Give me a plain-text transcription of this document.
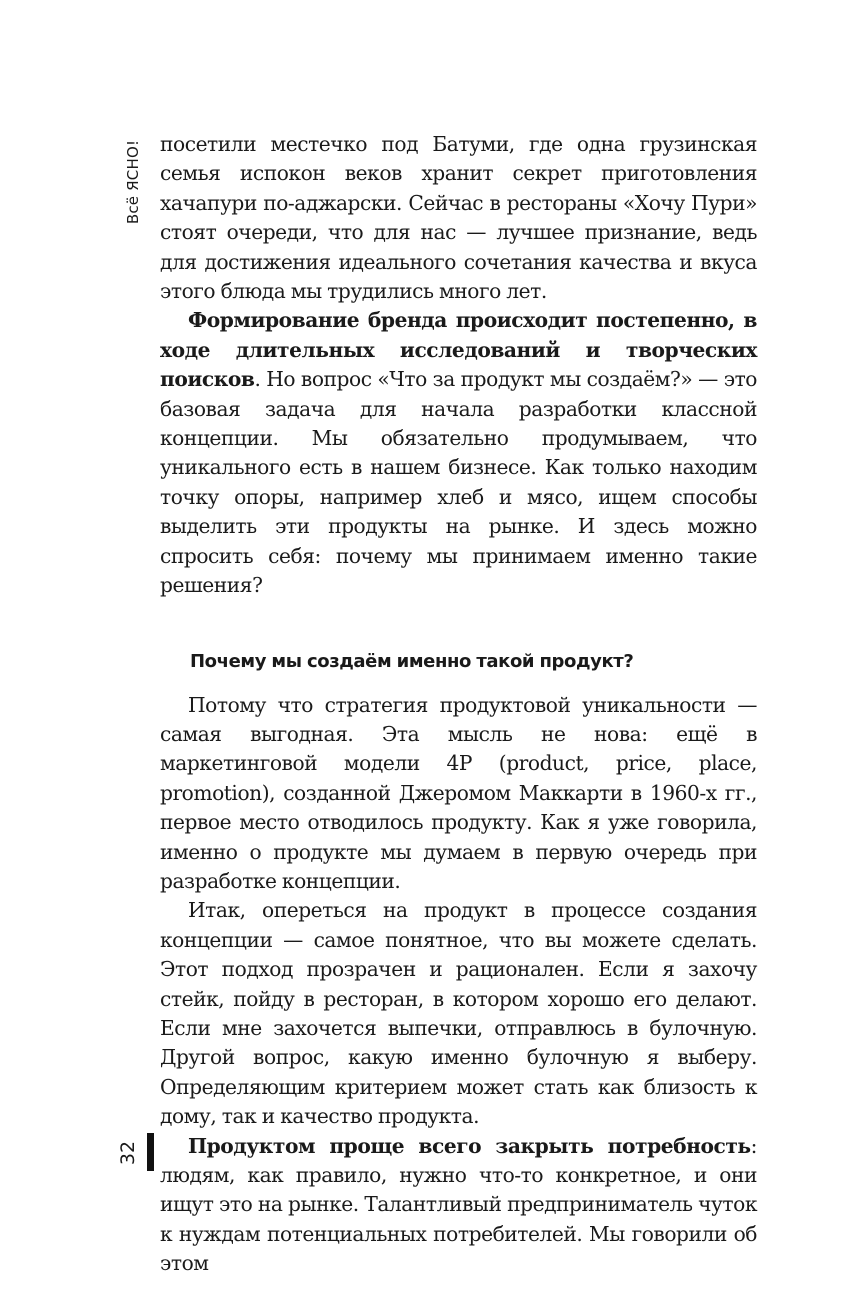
Всё ЯСНО!
32

посетили местечко под Батуми, где одна грузинская семья испокон веков хранит секрет приготовления хачапури по-аджарски. Сейчас в рестораны «Хочу Пури» стоят очереди, что для нас — лучшее признание, ведь для достижения идеального сочетания качества и вкуса этого блюда мы трудились много лет.

Формирование бренда происходит постепенно, в ходе длительных исследований и творческих поисков. Но вопрос «Что за продукт мы создаём?» — это базовая задача для начала разработки классной концепции. Мы обязательно продумываем, что уникального есть в нашем бизнесе. Как только находим точку опоры, например хлеб и мясо, ищем способы выделить эти продукты на рынке. И здесь можно спросить себя: почему мы принимаем именно такие решения?

Почему мы создаём именно такой продукт?

Потому что стратегия продуктовой уникальности — самая выгодная. Эта мысль не нова: ещё в маркетинговой модели 4P (product, price, place, promotion), созданной Джеромом Маккарти в 1960-х гг., первое место отводилось продукту. Как я уже говорила, именно о продукте мы думаем в первую очередь при разработке концепции.

Итак, опереться на продукт в процессе создания концепции — самое понятное, что вы можете сделать. Этот подход прозрачен и рационален. Если я захочу стейк, пойду в ресторан, в котором хорошо его делают. Если мне захочется выпечки, отправлюсь в булочную. Другой вопрос, какую именно булочную я выберу. Определяющим критерием может стать как близость к дому, так и качество продукта.

Продуктом проще всего закрыть потребность: людям, как правило, нужно что-то конкретное, и они ищут это на рынке. Талантливый предприниматель чуток к нуждам потенциальных потребителей. Мы говорили об этом
